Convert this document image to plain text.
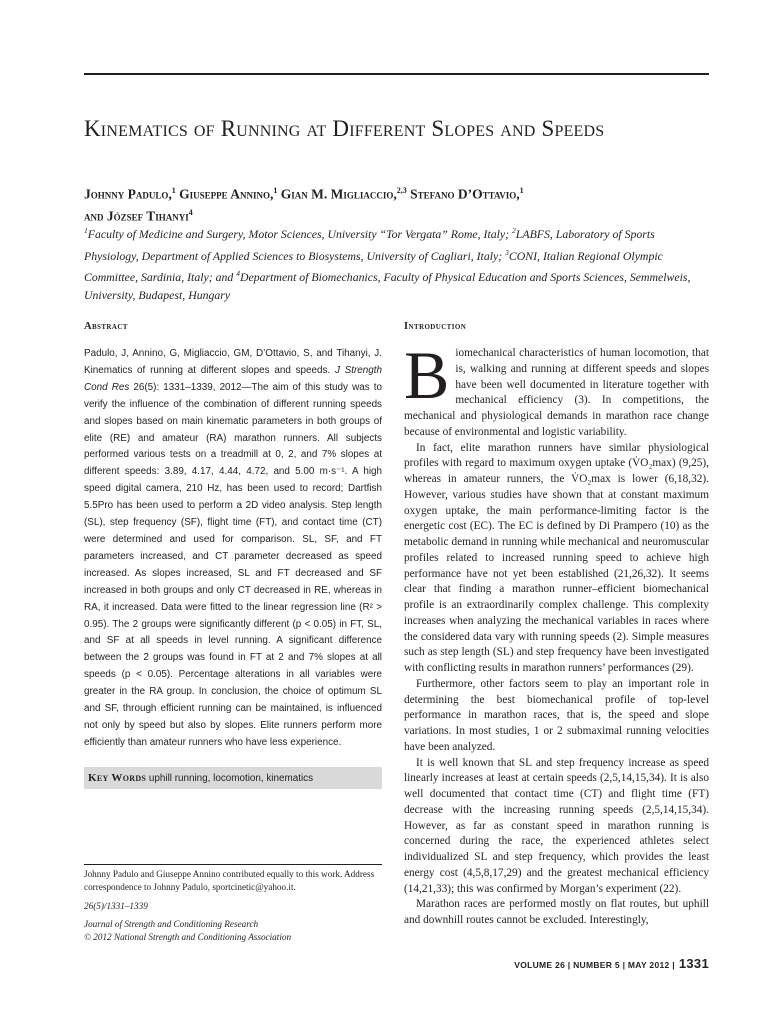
Kinematics of Running at Different Slopes and Speeds
Johnny Padulo,$^1$ Giuseppe Annino,$^1$ Gian M. Migliaccio,$^{2,3}$ Stefano D’Ottavio,$^1$
and József Tihanyi$^4$
$^1$Faculty of Medicine and Surgery, Motor Sciences, University “Tor Vergata” Rome, Italy; $^2$LABFS, Laboratory of Sports Physiology, Department of Applied Sciences to Biosystems, University of Cagliari, Italy; $^3$CONI, Italian Regional Olympic Committee, Sardinia, Italy; and $^4$Department of Biomechanics, Faculty of Physical Education and Sports Sciences, Semmelweis, University, Budapest, Hungary
Abstract

Padulo, J, Annino, G, Migliaccio, GM, D’Ottavio, S, and Tihanyi, J. Kinematics of running at different slopes and speeds. J Strength Cond Res 26(5): 1331–1339, 2012—The aim of this study was to verify the influence of the combination of different running speeds and slopes based on main kinematic parameters in both groups of elite (RE) and amateur (RA) marathon runners. All subjects performed various tests on a treadmill at 0, 2, and 7% slopes at different speeds: 3.89, 4.17, 4.44, 4.72, and 5.00 m·s⁻¹. A high speed digital camera, 210 Hz, has been used to record; Dartfish 5.5Pro has been used to perform a 2D video analysis. Step length (SL), step frequency (SF), flight time (FT), and contact time (CT) were determined and used for comparison. SL, SF, and FT parameters increased, and CT parameter decreased as speed increased. As slopes increased, SL and FT decreased and SF increased in both groups and only CT decreased in RE, whereas in RA, it increased. Data were fitted to the linear regression line (R² > 0.95). The 2 groups were significantly different (p < 0.05) in FT, SL, and SF at all speeds in level running. A significant difference between the 2 groups was found in FT at 2 and 7% slopes at all speeds (p < 0.05). Percentage alterations in all variables were greater in the RA group. In conclusion, the choice of optimum SL and SF, through efficient running can be maintained, is influenced not only by speed but also by slopes. Elite runners perform more efficiently than amateur runners who have less experience.

Key Words uphill running, locomotion, kinematics

Johnny Padulo and Giuseppe Annino contributed equally to this work. Address correspondence to Johnny Padulo, sportcinetic@yahoo.it.

26(5)/1331–1339

Journal of Strength and Conditioning Research

© 2012 National Strength and Conditioning Association

Introduction

Biomechanical characteristics of human locomotion, that is, walking and running at different speeds and slopes have been well documented in literature together with mechanical efficiency (3). In competitions, the mechanical and physiological demands in marathon race change because of environmental and logistic variability.

In fact, elite marathon runners have similar physiological profiles with regard to maximum oxygen uptake (V̇O₂max) (9,25), whereas in amateur runners, the V̇O₂max is lower (6,18,32). However, various studies have shown that at constant maximum oxygen uptake, the main performance-limiting factor is the energetic cost (EC). The EC is defined by Di Prampero (10) as the metabolic demand in running while mechanical and neuromuscular profiles related to increased running speed to achieve high performance have not yet been established (21,26,32). It seems clear that finding a marathon runner–efficient biomechanical profile is an extraordinarily complex challenge. This complexity increases when analyzing the mechanical variables in races where the considered data vary with running speeds (2). Simple measures such as step length (SL) and step frequency have been investigated with conflicting results in marathon runners’ performances (29).

Furthermore, other factors seem to play an important role in determining the best biomechanical profile of top-level performance in marathon races, that is, the speed and slope variations. In most studies, 1 or 2 submaximal running velocities have been analyzed.

It is well known that SL and step frequency increase as speed linearly increases at least at certain speeds (2,5,14,15,34). It is also well documented that contact time (CT) and flight time (FT) decrease with the increasing running speeds (2,5,14,15,34). However, as far as constant speed in marathon running is concerned during the race, the experienced athletes select individualized SL and step frequency, which provides the least energy cost (4,5,8,17,29) and the greatest mechanical efficiency (14,21,33); this was confirmed by Morgan’s experiment (22).

Marathon races are performed mostly on flat routes, but uphill and downhill routes cannot be excluded. Interestingly,

VOLUME 26 | NUMBER 5 | MAY 2012 | 1331
